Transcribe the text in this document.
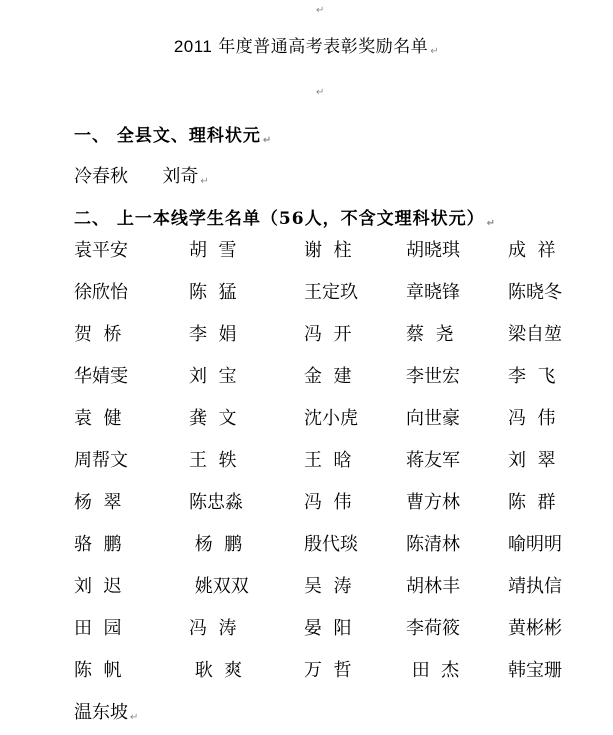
↵
2011 年度普通高考表彰奖励名单 ↵
↵
一、 全县文、理科状元 ↵
冷春秋      刘奇 ↵
二、 上一本线学生名单（56人，不含文理科状元） ↵
袁平安	胡  雪	谢  柱	胡晓琪	成  祥
徐欣怡	陈  猛	王定玖	章晓锋	陈晓冬
贺  桥	李  娟	冯  开	蔡  尧	梁自堃
华婧雯	刘  宝	金  建	李世宏	李  飞
袁  健	龚  文	沈小虎	向世豪	冯  伟
周帮文	王  轶	王  晗	蒋友军	刘  翠
杨  翠	陈忠淼	冯  伟	曹方林	陈  群
骆  鹏	杨  鹏	殷代琰	陈清林	喻明明
刘  迟	姚双双	吴  涛	胡林丰	靖执信
田  园	冯  涛	晏  阳	李荷筱	黄彬彬
陈  帆	耿  爽	万  哲	田  杰	韩宝珊
温东坡 ↵
